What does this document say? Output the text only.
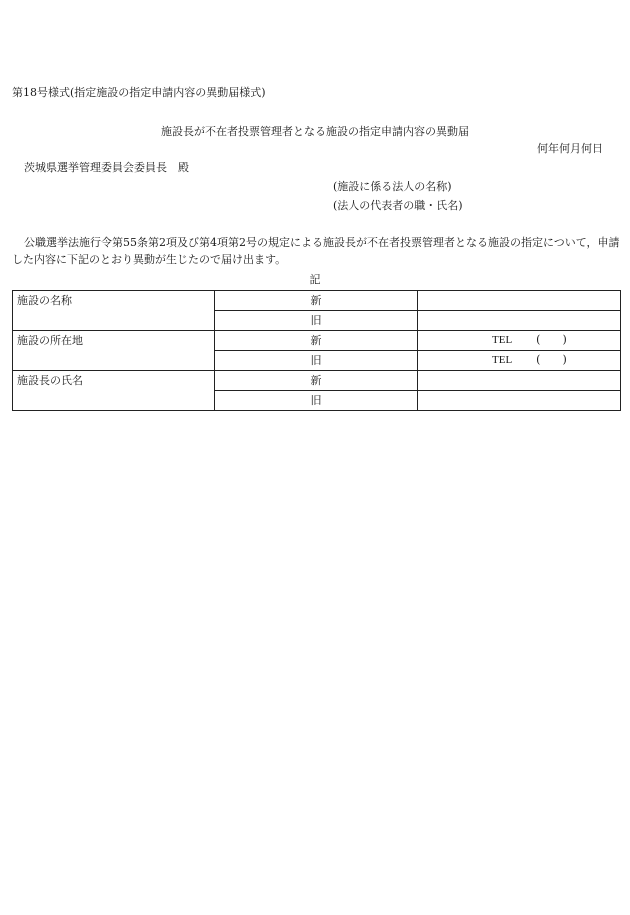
第18号様式(指定施設の指定申請内容の異動届様式)
施設長が不在者投票管理者となる施設の指定申請内容の異動届
何年何月何日
茨城県選挙管理委員会委員長　殿
(施設に係る法人の名称)
(法人の代表者の職・氏名)
公職選挙法施行令第55条第2項及び第4項第2号の規定による施設長が不在者投票管理者となる施設の指定について，申請した内容に下記のとおり異動が生じたので届け出ます。
記
施設の名称	新	
	旧	
施設の所在地	新	TEL ( )
	旧	TEL ( )
施設長の氏名	新	
	旧	
